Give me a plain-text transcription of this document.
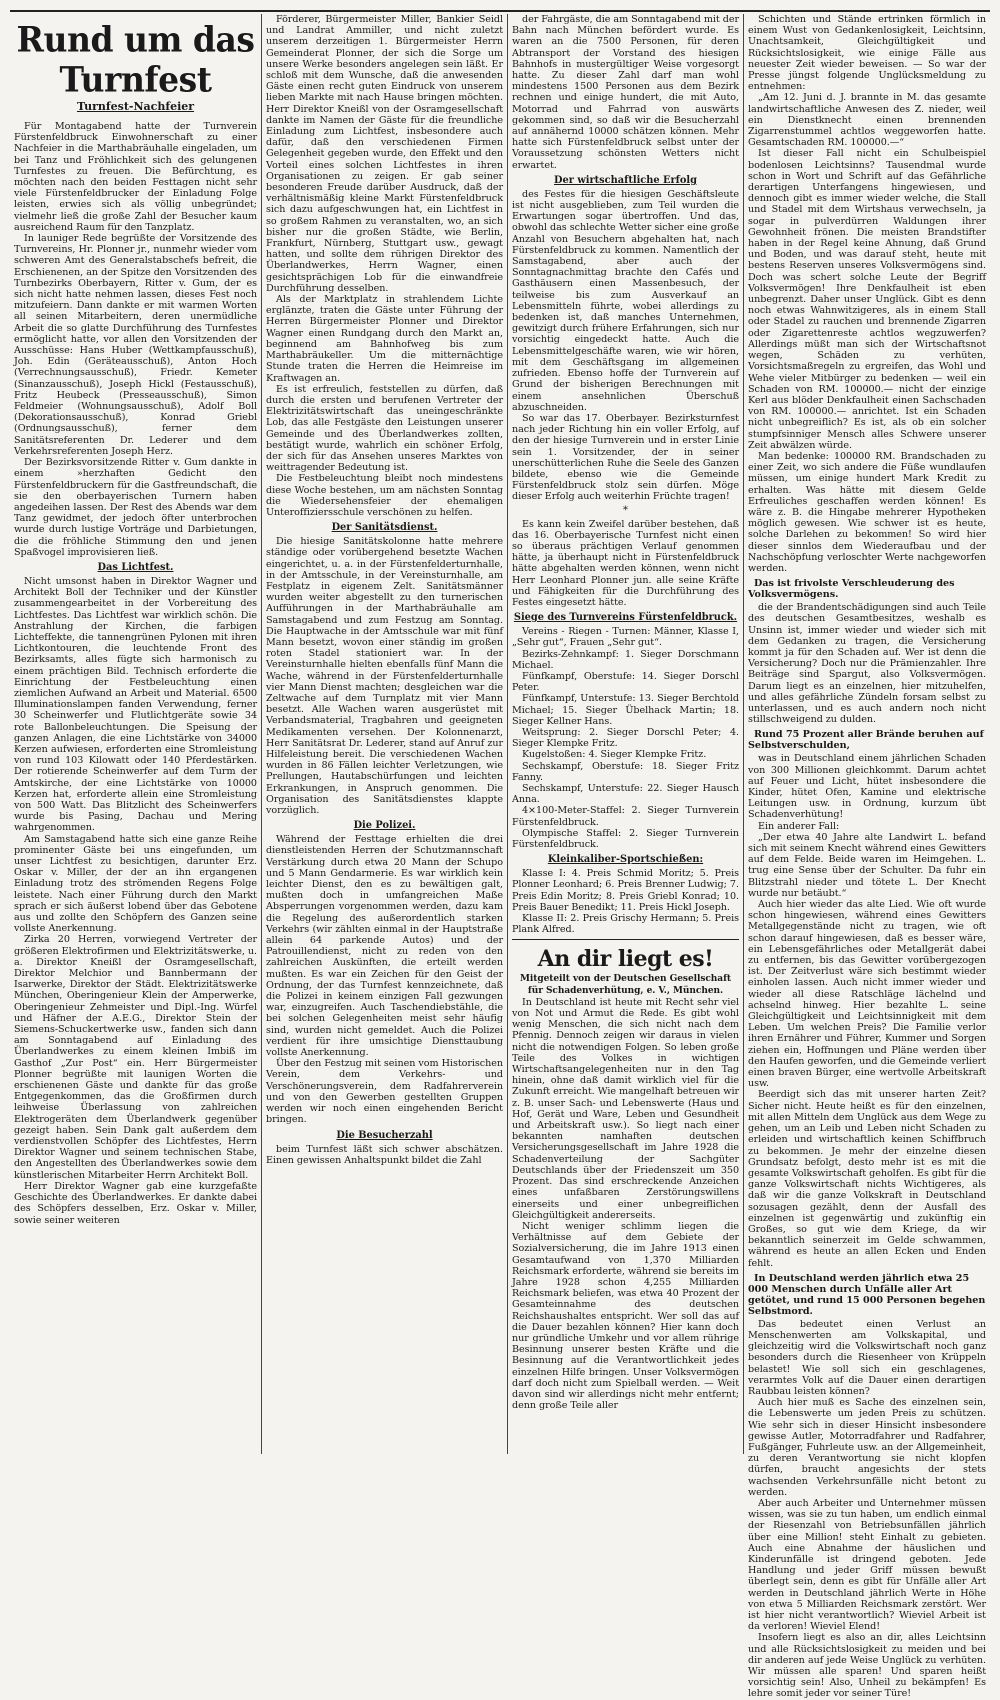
Rund um das Turnfest
Turnfest-Nachfeier

Für Montagabend hatte der Turnverein Fürstenfeldbruck Einwohnerschaft zu einer Nachfeier in die Marthabräuhalle eingeladen, um bei Tanz und Fröhlichkeit sich des gelungenen Turnfestes zu freuen. Die Befürchtung, es möchten nach den beiden Festtagen nicht sehr viele Fürstenfeldbrucker der Einladung Folge leisten, erwies sich als völlig unbegründet; vielmehr ließ die große Zahl der Besucher kaum ausreichend Raum für den Tanzplatz.

In launiger Rede begrüßte der Vorsitzende des Turnvereins, Hr. Plonner jr., nunmehr wieder vom schweren Amt des Generalstabschefs befreit, die Erschienenen, an der Spitze den Vorsitzenden des Turnbezirks Oberbayern, Ritter v. Gum, der es sich nicht hatte nehmen lassen, dieses Fest noch mitzufeiern. Dann dankte er mit warmen Worten all seinen Mitarbeitern, deren unermüdliche Arbeit die so glatte Durchführung des Turnfestes ermöglicht hatte, vor allen den Vorsitzenden der Ausschüsse: Hans Huber (Wettkampfausschuß), Joh. Edin (Geräteausschuß), Anton Hoch (Verrechnungsausschuß), Friedr. Kemeter (Sinanzausschuß), Joseph Hickl (Festausschuß), Fritz Heubeck (Presseausschuß), Simon Feldmeier (Wohnungsausschuß), Adolf Boll (Dekorationsausschuß), Konrad Griebl (Ordnungsausschuß), ferner dem Sanitätsreferenten Dr. Lederer und dem Verkehrsreferenten Joseph Herz.

Der Bezirksvorsitzende Ritter v. Gum dankte in einem »herzhaften Gedicht den Fürstenfeldbruckern für die Gastfreundschaft, die sie den oberbayerischen Turnern haben angedeihen lassen. Der Rest des Abends war dem Tanz gewidmet, der jedoch öfter unterbrochen wurde durch lustige Vorträge und Darbietungen, die die fröhliche Stimmung den und jenen Spaßvogel improvisieren ließ.

Das Lichtfest.

Nicht umsonst haben in Direktor Wagner und Architekt Boll der Techniker und der Künstler zusammengearbeitet in der Vorbereitung des Lichtfestes. Das Lichtfest war wirklich schön. Die Anstrahlung der Kirchen, die farbigen Lichteffekte, die tannengrünen Pylonen mit ihren Lichtkontouren, die leuchtende Front des Bezirksamts, alles fügte sich harmonisch zu einem prächtigen Bild. Technisch erforderte die Einrichtung der Festbeleuchtung einen ziemlichen Aufwand an Arbeit und Material. 6500 Illuminationslampen fanden Verwendung, ferner 30 Scheinwerfer und Flutlichtgeräte sowie 34 rote Ballonbeleuchtungen. Die Speisung der ganzen Anlagen, die eine Lichtstärke von 34000 Kerzen aufwiesen, erforderten eine Stromleistung von rund 103 Kilowatt oder 140 Pferdestärken. Der rotierende Scheinwerfer auf dem Turm der Amtskirche, der eine Lichtstärke von 10000 Kerzen hat, erforderte allein eine Stromleistung von 500 Watt. Das Blitzlicht des Scheinwerfers wurde bis Pasing, Dachau und Mering wahrgenommen.

Am Samstagabend hatte sich eine ganze Reihe prominenter Gäste bei uns eingefunden, um unser Lichtfest zu besichtigen, darunter Erz. Oskar v. Miller, der der an ihn ergangenen Einladung trotz des strömenden Regens Folge leistete. Nach einer Führung durch den Markt sprach er sich äußerst lobend über das Gebotene aus und zollte den Schöpfern des Ganzen seine vollste Anerkennung.

Zirka 20 Herren, vorwiegend Vertreter der größeren Elektrofirmen und Elektrizitätswerke, u. a. Direktor Kneißl der Osramgesellschaft, Direktor Melchior und Bannbermann der Isarwerke, Direktor der Städt. Elektrizitätswerke München, Oberingenieur Klein der Amperwerke, Oberingenieur Zehmeister und Dipl.-Ing. Würfel und Häfner der A.E.G., Direktor Stein der Siemens-Schuckertwerke usw., fanden sich dann am Sonntagabend auf Einladung des Überlandwerkes zu einem kleinen Imbiß im Gasthof „Zur Post“ ein. Herr Bürgermeister Plonner begrüßte mit launigen Worten die erschienenen Gäste und dankte für das große Entgegenkommen, das die Großfirmen durch leihweise Überlassung von zahlreichen Elektrogeräten dem Überlandwerk gegenüber gezeigt haben. Sein Dank galt außerdem dem verdienstvollen Schöpfer des Lichtfestes, Herrn Direktor Wagner und seinem technischen Stabe, den Angestellten des Überlandwerkes sowie dem künstlerischen Mitarbeiter Herrn Architekt Boll.

Herr Direktor Wagner gab eine kurzgefaßte Geschichte des Überlandwerkes. Er dankte dabei des Schöpfers desselben, Erz. Oskar v. Miller, sowie seiner weiteren

Förderer, Bürgermeister Miller, Bankier Seidl und Landrat Ammiller, und nicht zuletzt unserem derzeitigen 1. Bürgermeister Herrn Gemeinderat Plonner, der sich die Sorge um unsere Werke besonders angelegen sein läßt. Er schloß mit dem Wunsche, daß die anwesenden Gäste einen recht guten Eindruck von unserem lieben Markte mit nach Hause bringen möchten. Herr Direktor Kneißl von der Osramgesellschaft dankte im Namen der Gäste für die freundliche Einladung zum Lichtfest, insbesondere auch dafür, daß den verschiedenen Firmen Gelegenheit gegeben wurde, den Effekt und den Vorteil eines solchen Lichtfestes in ihren Organisationen zu zeigen. Er gab seiner besonderen Freude darüber Ausdruck, daß der verhältnismäßig kleine Markt Fürstenfeldbruck sich dazu aufgeschwungen hat, ein Lichtfest in so großem Rahmen zu veranstalten, wo, an sich bisher nur die großen Städte, wie Berlin, Frankfurt, Nürnberg, Stuttgart usw., gewagt hatten, und sollte dem rührigen Direktor des Überlandwerkes, Herrn Wagner, einen gesichtsprächigen Lob für die einwandfreie Durchführung desselben.

Als der Marktplatz in strahlendem Lichte erglänzte, traten die Gäste unter Führung der Herren Bürgermeister Plonner und Direktor Wagner einen Rundgang durch den Markt an, beginnend am Bahnhofweg bis zum Marthabräukeller. Um die mitternächtige Stunde traten die Herren die Heimreise im Kraftwagen an.

Es ist erfreulich, feststellen zu dürfen, daß durch die ersten und berufenen Vertreter der Elektrizitätswirtschaft das uneingeschränkte Lob, das alle Festgäste den Leistungen unserer Gemeinde und des Überlandwerkes zollten, bestätigt wurde, wahrlich ein schöner Erfolg, der sich für das Ansehen unseres Marktes von weittragender Bedeutung ist.

Die Festbeleuchtung bleibt noch mindestens diese Woche bestehen, um am nächsten Sonntag die Wiedersehensfeier der ehemaligen Unteroffiziersschule verschönen zu helfen.

Der Sanitätsdienst.

Die hiesige Sanitätskolonne hatte mehrere ständige oder vorübergehend besetzte Wachen eingerichtet, u. a. in der Fürstenfelderturnhalle, in der Amtsschule, in der Vereinsturnhalle, am Festplatz in eigenem Zelt. Sanitätsmänner wurden weiter abgestellt zu den turnerischen Aufführungen in der Marthabräuhalle am Samstagabend und zum Festzug am Sonntag. Die Hauptwache in der Amtsschule war mit fünf Mann besetzt, wovon einer ständig im großen roten Stadel stationiert war. In der Vereinsturnhalle hielten ebenfalls fünf Mann die Wache, während in der Fürstenfelderturnhalle vier Mann Dienst machten; desgleichen war die Zeltwache auf dem Turnplatz mit vier Mann besetzt. Alle Wachen waren ausgerüstet mit Verbandsmaterial, Tragbahren und geeigneten Medikamenten versehen. Der Kolonnenarzt, Herr Sanitätsrat Dr. Lederer, stand auf Anruf zur Hilfeleistung bereit. Die verschiedenen Wachen wurden in 86 Fällen leichter Verletzungen, wie Prellungen, Hautabschürfungen und leichten Erkrankungen, in Anspruch genommen. Die Organisation des Sanitätsdienstes klappte vorzüglich.

Die Polizei.

Während der Festtage erhielten die drei dienstleistenden Herren der Schutzmannschaft Verstärkung durch etwa 20 Mann der Schupo und 5 Mann Gendarmerie. Es war wirklich kein leichter Dienst, den es zu bewältigen galt, mußten doch in umfangreichen Maße Absperrungen vorgenommen werden, dazu kam die Regelung des außerordentlich starken Verkehrs (wir zählten einmal in der Hauptstraße allein 64 parkende Autos) und der Patrouillendienst, nicht zu reden von den zahlreichen Auskünften, die erteilt werden mußten. Es war ein Zeichen für den Geist der Ordnung, der das Turnfest kennzeichnete, daß die Polizei in keinem einzigen Fall gezwungen war, einzugreifen. Auch Taschendiebstähle, die bei solchen Gelegenheiten meist sehr häufig sind, wurden nicht gemeldet. Auch die Polizei verdient für ihre umsichtige Diensttaubung vollste Anerkennung.

Über den Festzug mit seinen vom Historischen Verein, dem Verkehrs- und Verschönerungsverein, dem Radfahrerverein und von den Gewerben gestellten Gruppen werden wir noch einen eingehenden Bericht bringen.

Die Besucherzahl

beim Turnfest läßt sich schwer abschätzen. Einen gewissen Anhaltspunkt bildet die Zahl

der Fahrgäste, die am Sonntagabend mit der Bahn nach München befördert wurde. Es waren an die 7500 Personen, für deren Abtransport der Vorstand des hiesigen Bahnhofs in mustergültiger Weise vorgesorgt hatte. Zu dieser Zahl darf man wohl mindestens 1500 Personen aus dem Bezirk rechnen und einige hundert, die mit Auto, Motorrad und Fahrrad von auswärts gekommen sind, so daß wir die Besucherzahl auf annähernd 10000 schätzen können. Mehr hatte sich Fürstenfeldbruck selbst unter der Voraussetzung schönsten Wetters nicht erwartet.

Der wirtschaftliche Erfolg

des Festes für die hiesigen Geschäftsleute ist nicht ausgeblieben, zum Teil wurden die Erwartungen sogar übertroffen. Und das, obwohl das schlechte Wetter sicher eine große Anzahl von Besuchern abgehalten hat, nach Fürstenfeldbruck zu kommen. Namentlich der Samstagabend, aber auch der Sonntagnachmittag brachte den Cafés und Gasthäusern einen Massenbesuch, der teilweise bis zum Ausverkauf an Lebensmitteln führte, wobei allerdings zu bedenken ist, daß manches Unternehmen, gewitzigt durch frühere Erfahrungen, sich nur vorsichtig eingedeckt hatte. Auch die Lebensmittelgeschäfte waren, wie wir hören, mit dem Geschäftsgang im allgemeinen zufrieden. Ebenso hoffe der Turnverein auf Grund der bisherigen Berechnungen mit einem ansehnlichen Überschuß abzuschneiden.

So war das 17. Oberbayer. Bezirksturnfest nach jeder Richtung hin ein voller Erfolg, auf den der hiesige Turnverein und in erster Linie sein 1. Vorsitzender, der in seiner unerschütterlichen Ruhe die Seele des Ganzen bildete, ebenso wie die Gemeinde Fürstenfeldbruck stolz sein dürfen. Möge dieser Erfolg auch weiterhin Früchte tragen!

*

Es kann kein Zweifel darüber bestehen, daß das 16. Oberbayerische Turnfest nicht einen so überaus prächtigen Verlauf genommen hätte, ja überhaupt nicht in Fürstenfeldbruck hätte abgehalten werden können, wenn nicht Herr Leonhard Plonner jun. alle seine Kräfte und Fähigkeiten für die Durchführung des Festes eingesetzt hätte.

Siege des Turnvereins Fürstenfeldbruck.

Vereins - Riegen - Turnen: Männer, Klasse I, „Sehr gut“, Frauen „Sehr gut“.

Bezirks-Zehnkampf: 1. Sieger Dorschmann Michael.

Fünfkampf, Oberstufe: 14. Sieger Dorschl Peter.

Fünfkampf, Unterstufe: 13. Sieger Berchtold Michael; 15. Sieger Übelhack Martin; 18. Sieger Kellner Hans.

Weitsprung: 2. Sieger Dorschl Peter; 4. Sieger Klempke Fritz.

Kugelstoßen: 4. Sieger Klempke Fritz.

Sechskampf, Oberstufe: 18. Sieger Fritz Fanny.

Sechskampf, Unterstufe: 22. Sieger Hausch Anna.

4×100-Meter-Staffel: 2. Sieger Turnverein Fürstenfeldbruck.

Olympische Staffel: 2. Sieger Turnverein Fürstenfeldbruck.

Kleinkaliber-Sportschießen:

Klasse I: 4. Preis Schmid Moritz; 5. Preis Plonner Leonhard; 6. Preis Brenner Ludwig; 7. Preis Edin Moritz; 8. Preis Griebl Konrad; 10. Preis Bauer Benedikt; 11. Preis Hickl Joseph.

Klasse II: 2. Preis Grischy Hermann; 5. Preis Plank Alfred.

An dir liegt es!

Mitgeteilt von der Deutschen Gesellschaft für Schadenverhütung, e. V., München.

In Deutschland ist heute mit Recht sehr viel von Not und Armut die Rede. Es gibt wohl wenig Menschen, die sich nicht nach dem Pfennig. Dennoch zeigen wir daraus in vielen nicht die notwendigen Folgen. So leben große Teile des Volkes in wichtigen Wirtschaftsangelegenheiten nur in den Tag hinein, ohne daß damit wirklich viel für die Zukunft erreicht. Wie mangelhaft betreuen wir z. B. unser Sach- und Lebenswerte (Haus und Hof, Gerät und Ware, Leben und Gesundheit und Arbeitskraft usw.). So liegt nach einer bekannten namhaften deutschen Versicherungsgesellschaft im Jahre 1928 die Schadenverteilung der Sachgüter Deutschlands über der Friedenszeit um 350 Prozent. Das sind erschreckende Anzeichen eines unfaßbaren Zerstörungswillens einerseits und einer unbegreiflichen Gleichgültigkeit andererseits.

Nicht weniger schlimm liegen die Verhältnisse auf dem Gebiete der Sozialversicherung, die im Jahre 1913 einen Gesamtaufwand von 1,370 Milliarden Reichsmark erforderte, während sie bereits im Jahre 1928 schon 4,255 Milliarden Reichsmark beliefen, was etwa 40 Prozent der Gesamteinnahme des deutschen Reichshaushaltes entspricht. Wer soll das auf die Dauer bezahlen können? Hier kann doch nur gründliche Umkehr und vor allem rührige Besinnung unserer besten Kräfte und die Besinnung auf die Verantwortlichkeit jedes einzelnen Hilfe bringen. Unser Volksvermögen darf doch nicht zum Spielball werden. — Weit davon sind wir allerdings nicht mehr entfernt; denn große Teile aller

Schichten und Stände ertrinken förmlich in einem Wust von Gedankenlosigkeit, Leichtsinn, Unachtsamkeit, Gleichgültigkeit und Rücksichtslosigkeit, wie einige Fälle aus neuester Zeit wieder beweisen. — So war der Presse jüngst folgende Unglücksmeldung zu entnehmen:

„Am 12. Juni d. J. brannte in M. das gesamte landwirtschaftliche Anwesen des Z. nieder, weil ein Dienstknecht einen brennenden Zigarrenstummel achtlos weggeworfen hatte. Gesamtschaden RM. 100000.—“

Ist dieser Fall nicht ein Schulbeispiel bodenlosen Leichtsinns? Tausendmal wurde schon in Wort und Schrift auf das Gefährliche derartigen Unterfangens hingewiesen, und dennoch gibt es immer wieder welche, die Stall und Stadel mit dem Wirtshaus verwechseln, ja sogar in pulverdürren Waldungen ihrer Gewohnheit frönen. Die meisten Brandstifter haben in der Regel keine Ahnung, daß Grund und Boden, und was darauf steht, heute mit bestens Reserven unseres Volksvermögens sind. Doch was schert solche Leute der Begriff Volksvermögen! Ihre Denkfaulheit ist eben unbegrenzt. Daher unser Unglück. Gibt es denn noch etwas Wahnwitzigeres, als in einem Stall oder Stadel zu rauchen und brennende Zigarren oder Zigarettenreste achtlos wegzuwerfen? Allerdings müßt man sich der Wirtschaftsnot wegen, Schäden zu verhüten, Vorsichtsmaßregeln zu ergreifen, das Wohl und Wehe vieler Mitbürger zu bedenken — weil ein Schaden von RM. 100000.— nicht der einzige Kerl aus blöder Denkfaulheit einen Sachschaden von RM. 100000.— anrichtet. Ist ein Schaden nicht unbegreiflich? Es ist, als ob ein solcher stumpfsinniger Mensch alles Schwere unserer Zeit abwälzen würde.

Man bedenke: 100000 RM. Brandschaden zu einer Zeit, wo sich andere die Füße wundlaufen müssen, um einige hundert Mark Kredit zu erhalten. Was hätte mit diesem Gelde Erfreuliches geschaffen werden können! Es wäre z. B. die Hingabe mehrerer Hypotheken möglich gewesen. Wie schwer ist es heute, solche Darlehen zu bekommen! So wird hier dieser sinnlos dem Wiederaufbau und der Nachschöpfung verloschter Werte nachgeworfen werden.

Das ist frivolste Verschleuderung des Volksvermögens.

die der Brandentschädigungen sind auch Teile des deutschen Gesamtbesitzes, weshalb es Unsinn ist, immer wieder und wieder sich mit dem Gedanken zu tragen, die Versicherung kommt ja für den Schaden auf. Wer ist denn die Versicherung? Doch nur die Prämienzahler. Ihre Beiträge sind Spargut, also Volksvermögen. Darum liegt es an einzelnen, hier mitzuhelfen, und alles gefährliche Zündeln forsam selbst zu unterlassen, und es auch andern noch nicht stillschweigend zu dulden.

Rund 75 Prozent aller Brände beruhen auf Selbstverschulden,

was in Deutschland einem jährlichen Schaden von 300 Millionen gleichkommt. Darum achtet auf Feuer und Licht, hütet insbesondere die Kinder, hütet Ofen, Kamine und elektrische Leitungen usw. in Ordnung, kurzum übt Schadenverhütung!

Ein anderer Fall:

„Der etwa 40 Jahre alte Landwirt L. befand sich mit seinem Knecht während eines Gewitters auf dem Felde. Beide waren im Heimgehen. L. trug eine Sense über der Schulter. Da fuhr ein Blitzstrahl nieder und tötete L. Der Knecht wurde nur betäubt.“

Auch hier wieder das alte Lied. Wie oft wurde schon hingewiesen, während eines Gewitters Metallgegenstände nicht zu tragen, wie oft schon darauf hingewiesen, daß es besser wäre, ein Lebensgefährliches oder Metallgerät dabei zu entfernen, bis das Gewitter vorübergezogen ist. Der Zeitverlust wäre sich bestimmt wieder einholen lassen. Auch nicht immer wieder und wieder all diese Ratschläge lächelnd und achselnd hinweg. Hier bezahlte L. seine Gleichgültigkeit und Leichtsinnigkeit mit dem Leben. Um welchen Preis? Die Familie verlor ihren Ernährer und Führer, Kummer und Sorgen ziehen ein, Hoffnungen und Pläne werden über den Haufen geworfen, und die Gemeinde verliert einen braven Bürger, eine wertvolle Arbeitskraft usw.

Beerdigt sich das mit unserer harten Zeit? Sicher nicht. Heute heißt es für den einzelnen, mit allen Mitteln dem Unglück aus dem Wege zu gehen, um an Leib und Leben nicht Schaden zu erleiden und wirtschaftlich keinen Schiffbruch zu bekommen. Je mehr der einzelne diesen Grundsatz befolgt, desto mehr ist es mit die gesamte Volkswirtschaft geholfen. Es gibt für die ganze Volkswirtschaft nichts Wichtigeres, als daß wir die ganze Volkskraft in Deutschland sozusagen gezählt, denn der Ausfall des einzelnen ist gegenwärtig und zukünftig ein Großes, so gut wie dem Kriege, da wir bekanntlich seinerzeit im Gelde schwammen, während es heute an allen Ecken und Enden fehlt.

In Deutschland werden jährlich etwa 25 000 Menschen durch Unfälle aller Art getötet, und rund 15 000 Personen begehen Selbstmord.

Das bedeutet einen Verlust an Menschenwerten am Volkskapital, und gleichzeitig wird die Volkswirtschaft noch ganz besonders durch die Riesenheer von Krüppeln belastet! Wie soll sich ein geschlagenes, verarmtes Volk auf die Dauer einen derartigen Raubbau leisten können?

Auch hier muß es Sache des einzelnen sein, die Lebenswerte um jeden Preis zu schützen. Wie sehr sich in dieser Hinsicht insbesondere gewisse Autler, Motorradfahrer und Radfahrer, Fußgänger, Fuhrleute usw. an der Allgemeinheit, zu deren Verantwortung sie nicht klopfen dürfen, braucht angesichts der stets wachsenden Verkehrsunfälle nicht betont zu werden.

Aber auch Arbeiter und Unternehmer müssen wissen, was sie zu tun haben, um endlich einmal der Riesenzahl von Betriebsunfällen jährlich über eine Million! steht Einhalt zu gebieten. Auch eine Abnahme der häuslichen und Kinderunfälle ist dringend geboten. Jede Handlung und jeder Griff müssen bewußt überlegt sein, denn es gibt für Unfälle aller Art werden in Deutschland jährlich Werte in Höhe von etwa 5 Milliarden Reichsmark zerstört. Wer ist hier nicht verantwortlich? Wieviel Arbeit ist da verloren! Wieviel Elend!

Insofern liegt es also an dir, alles Leichtsinn und alle Rücksichtslosigkeit zu meiden und bei dir anderen auf jede Weise Unglück zu verhüten. Wir müssen alle sparen! Und sparen heißt vorsichtig sein! Also, Unheil zu bekämpfen! Es lehre somit jeder vor seiner Türe!
